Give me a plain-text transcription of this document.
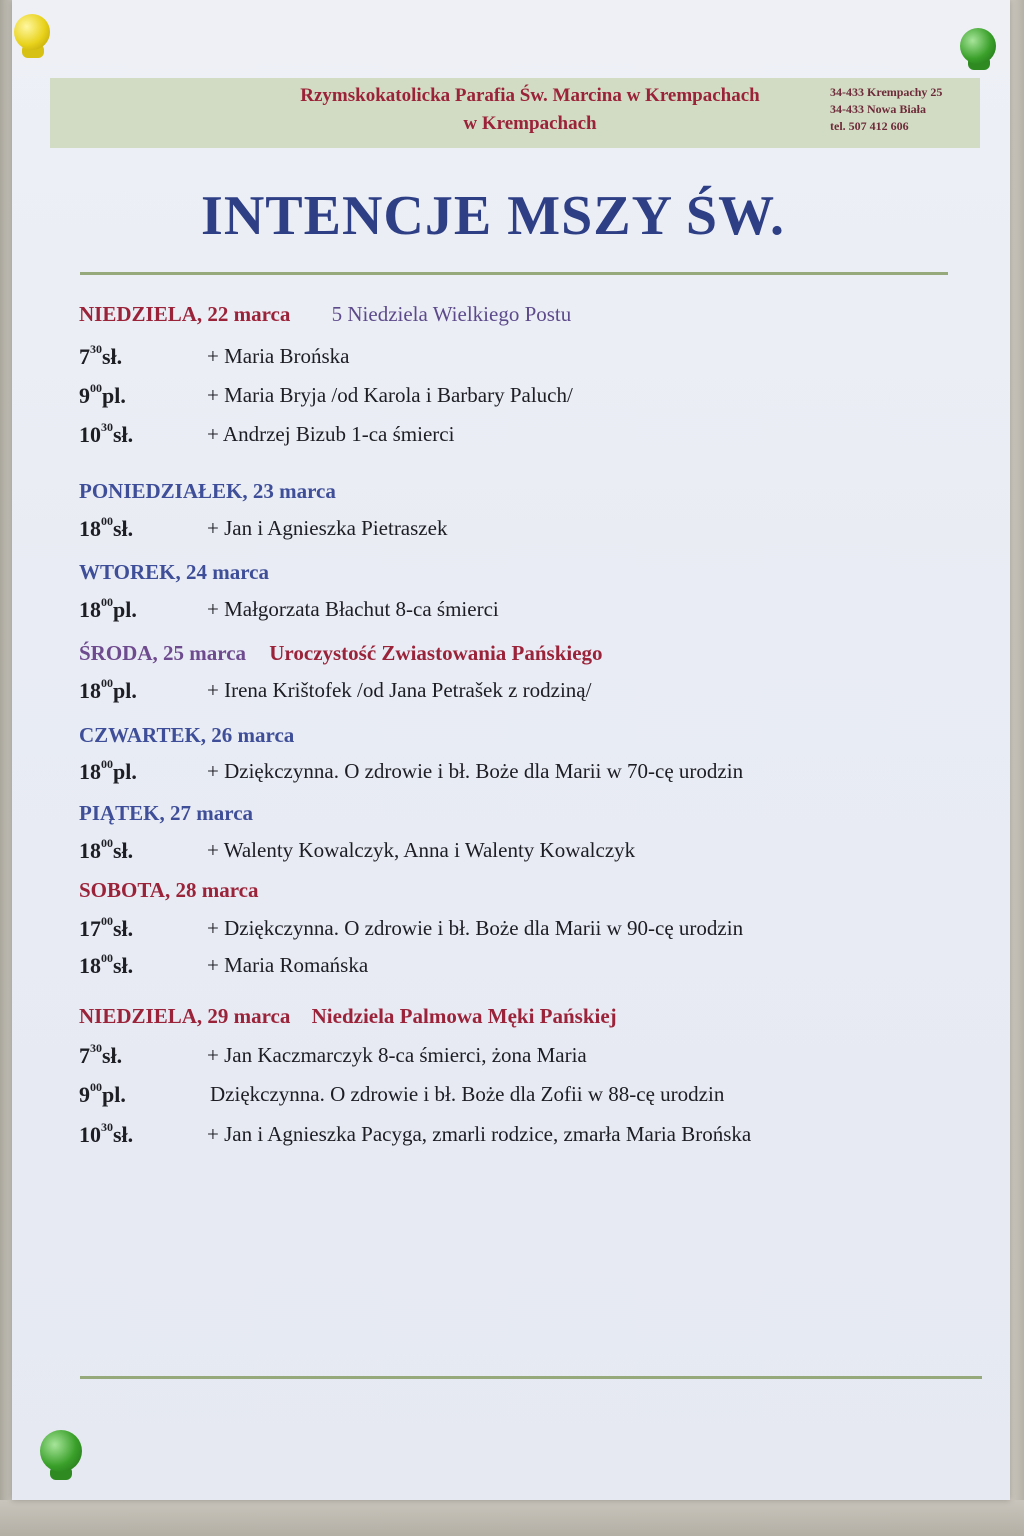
Rzymskokatolicka Parafia Św. Marcina w Krempachach
w Krempachach
34-433 Krempachy 25
34-433 Nowa Biała
tel. 507 412 606
INTENCJE MSZY ŚW.
NIEDZIELA, 22 marca 5 Niedziela Wielkiego Postu
$7^{30}sł$.	+ Maria Brońska
$9^{00}pl$.	+ Maria Bryja /od Karola i Barbary Paluch/
$10^{30}sł$.	+ Andrzej Bizub 1-ca śmierci
PONIEDZIAŁEK, 23 marca
$18^{00}sł$.	+ Jan i Agnieszka Pietraszek
WTOREK, 24 marca
$18^{00}pl$.	+ Małgorzata Błachut 8-ca śmierci
ŚRODA, 25 marca Uroczystość Zwiastowania Pańskiego
$18^{00}pl$.	+ Irena Krištofek /od Jana Petrašek z rodziną/
CZWARTEK, 26 marca
$18^{00}pl$.	+ Dziękczynna. O zdrowie i bł. Boże dla Marii w 70-cę urodzin
PIĄTEK, 27 marca
$18^{00}sł$.	+ Walenty Kowalczyk, Anna i Walenty Kowalczyk
SOBOTA, 28 marca
$17^{00}sł$.	+ Dziękczynna. O zdrowie i bł. Boże dla Marii w 90-cę urodzin
$18^{00}sł$.	+ Maria Romańska
NIEDZIELA, 29 marca Niedziela Palmowa Męki Pańskiej
$7^{30}sł$.	+ Jan Kaczmarczyk 8-ca śmierci, żona Maria
$9^{00}pl$.	Dziękczynna. O zdrowie i bł. Boże dla Zofii w 88-cę urodzin
$10^{30}sł$.	+ Jan i Agnieszka Pacyga, zmarli rodzice, zmarła Maria Brońska
